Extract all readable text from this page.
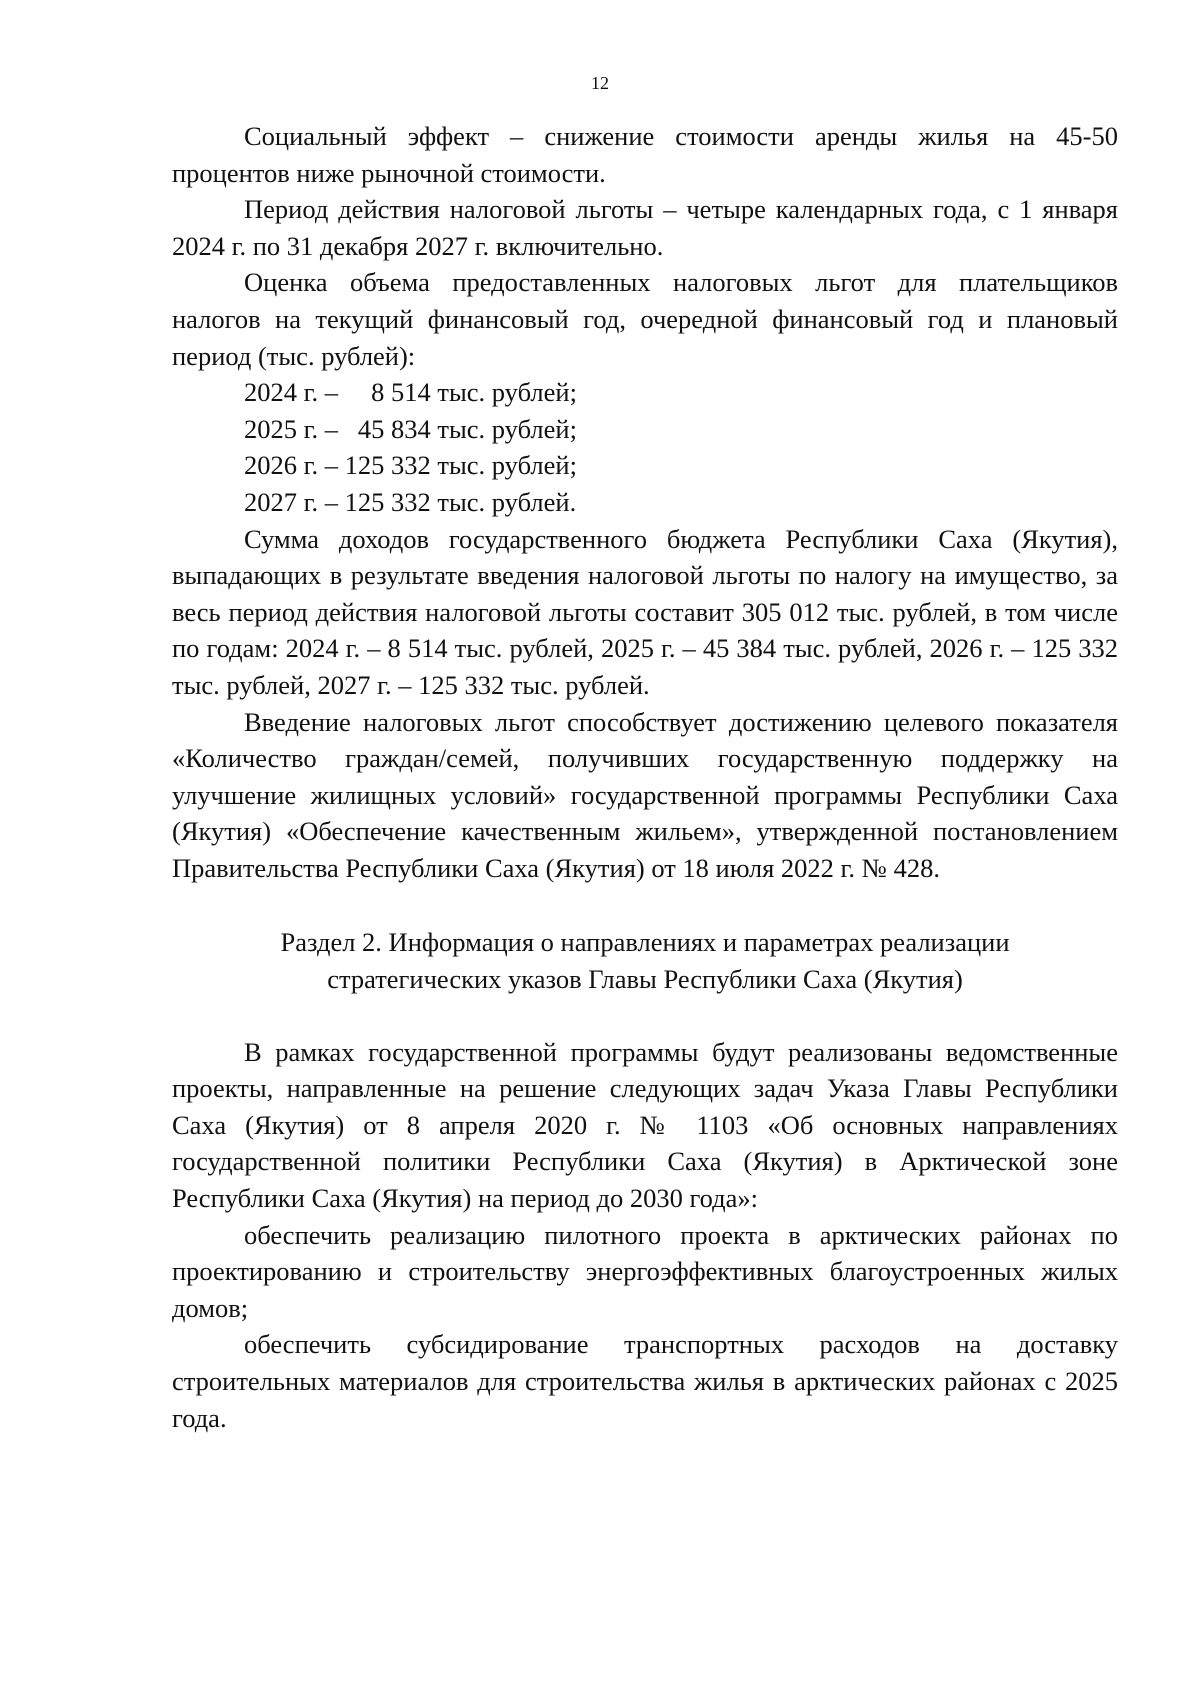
12

Социальный эффект – снижение стоимости аренды жилья на 45-50 процентов ниже рыночной стоимости.

Период действия налоговой льготы – четыре календарных года, с 1 января 2024 г. по 31 декабря 2027 г. включительно.

Оценка объема предоставленных налоговых льгот для плательщиков налогов на текущий финансовый год, очередной финансовый год и плановый период (тыс. рублей):

2024 г. –     8 514 тыс. рублей;
2025 г. –   45 834 тыс. рублей;
2026 г. – 125 332 тыс. рублей;
2027 г. – 125 332 тыс. рублей.

Сумма доходов государственного бюджета Республики Саха (Якутия), выпадающих в результате введения налоговой льготы по налогу на имущество, за весь период действия налоговой льготы составит 305 012 тыс. рублей, в том числе по годам: 2024 г. – 8 514 тыс. рублей, 2025 г. – 45 384 тыс. рублей, 2026 г. – 125 332 тыс. рублей, 2027 г. – 125 332 тыс. рублей.

Введение налоговых льгот способствует достижению целевого показателя «Количество граждан/семей, получивших государственную поддержку на улучшение жилищных условий» государственной программы Республики Саха (Якутия) «Обеспечение качественным жильем», утвержденной постановлением Правительства Республики Саха (Якутия) от 18 июля 2022 г. № 428.

Раздел 2. Информация о направлениях и параметрах реализации
стратегических указов Главы Республики Саха (Якутия)

В рамках государственной программы будут реализованы ведомственные проекты, направленные на решение следующих задач Указа Главы Республики Саха (Якутия) от 8 апреля 2020 г. № 1103 «Об основных направлениях государственной политики Республики Саха (Якутия) в Арктической зоне Республики Саха (Якутия) на период до 2030 года»:

обеспечить реализацию пилотного проекта в арктических районах по проектированию и строительству энергоэффективных благоустроенных жилых домов;

обеспечить субсидирование транспортных расходов на доставку строительных материалов для строительства жилья в арктических районах с 2025 года.
